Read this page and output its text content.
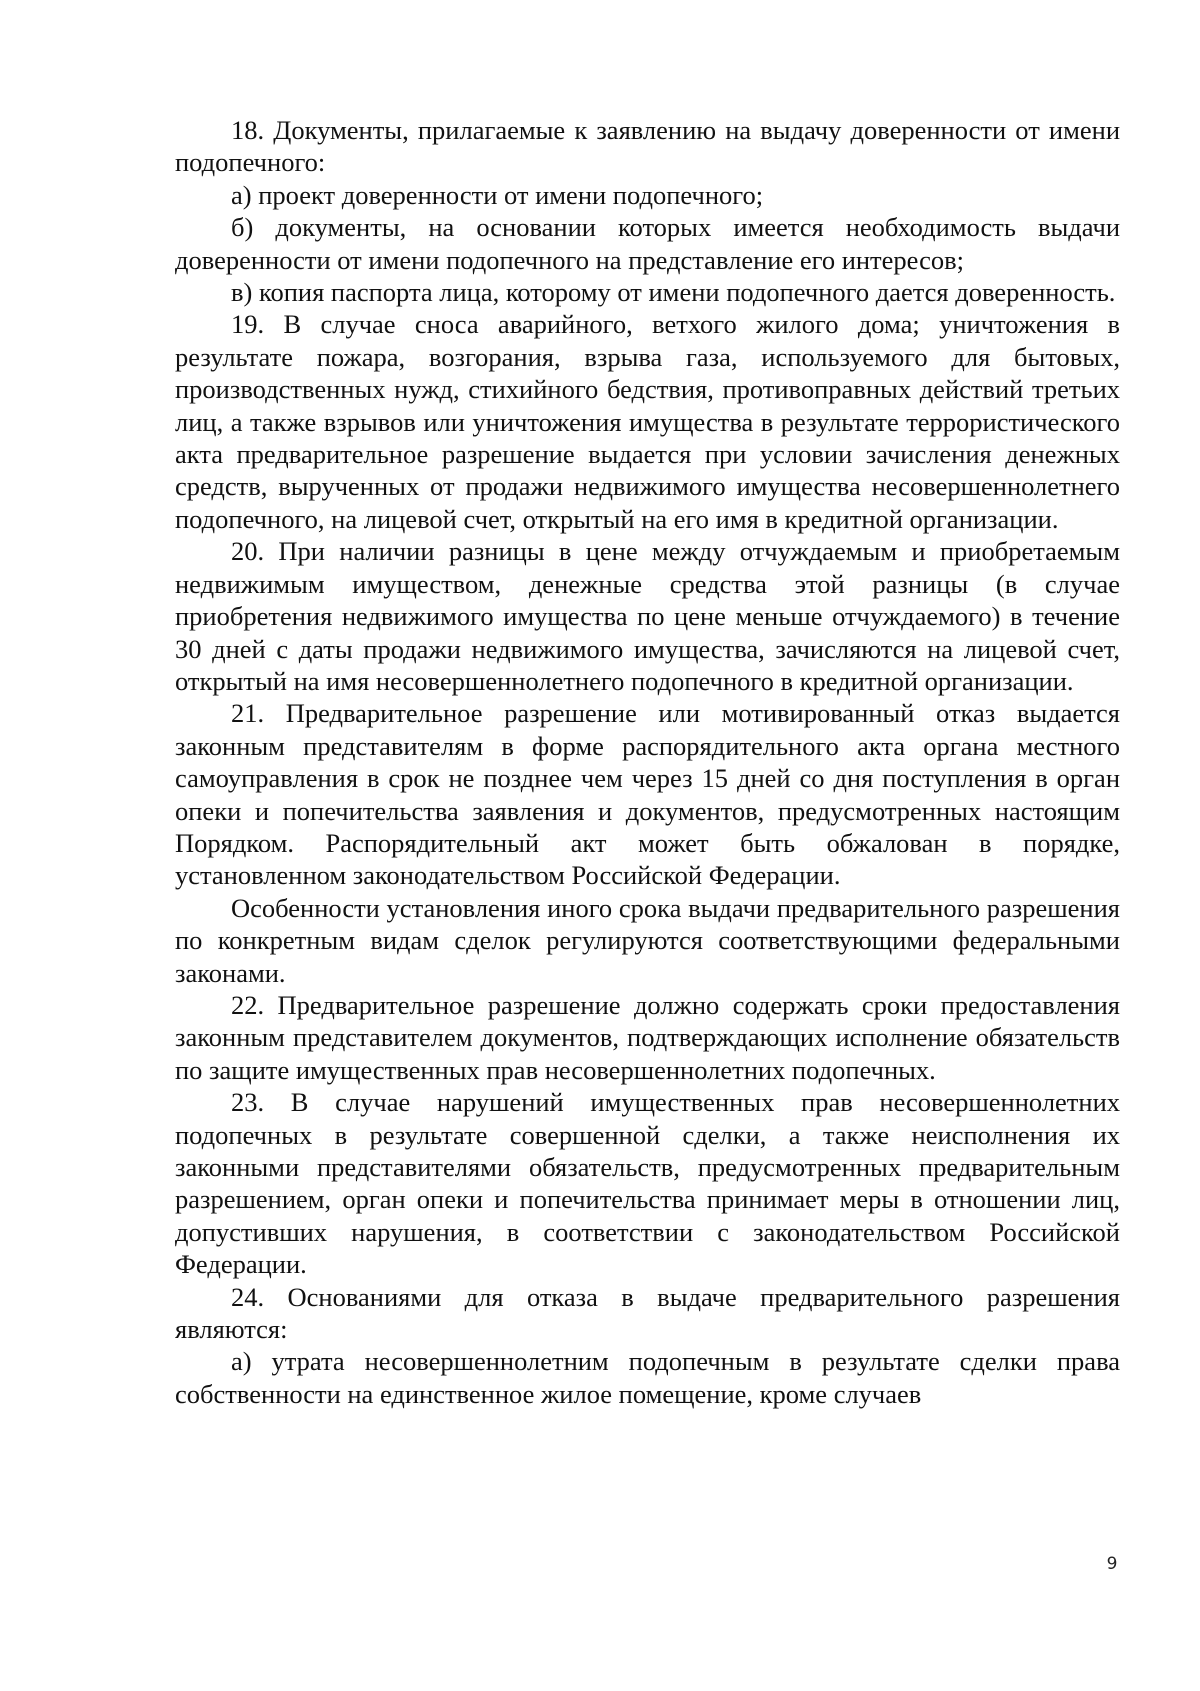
18. Документы, прилагаемые к заявлению на выдачу доверенности от имени подопечного:

а) проект доверенности от имени подопечного;

б) документы, на основании которых имеется необходимость выдачи доверенности от имени подопечного на представление его интересов;

в) копия паспорта лица, которому от имени подопечного дается доверенность.

19. В случае сноса аварийного, ветхого жилого дома; уничтожения в результате пожара, возгорания, взрыва газа, используемого для бытовых, производственных нужд, стихийного бедствия, противоправных действий третьих лиц, а также взрывов или уничтожения имущества в результате террористического акта предварительное разрешение выдается при условии зачисления денежных средств, вырученных от продажи недвижимого имущества несовершеннолетнего подопечного, на лицевой счет, открытый на его имя в кредитной организации.

20. При наличии разницы в цене между отчуждаемым и приобретаемым недвижимым имуществом, денежные средства этой разницы (в случае приобретения недвижимого имущества по цене меньше отчуждаемого) в течение 30 дней с даты продажи недвижимого имущества, зачисляются на лицевой счет, открытый на имя несовершеннолетнего подопечного в кредитной организации.

21. Предварительное разрешение или мотивированный отказ выдается законным представителям в форме распорядительного акта органа местного самоуправления в срок не позднее чем через 15 дней со дня поступления в орган опеки и попечительства заявления и документов, предусмотренных настоящим Порядком. Распорядительный акт может быть обжалован в порядке, установленном законодательством Российской Федерации.

Особенности установления иного срока выдачи предварительного разрешения по конкретным видам сделок регулируются соответствующими федеральными законами.

22. Предварительное разрешение должно содержать сроки предоставления законным представителем документов, подтверждающих исполнение обязательств по защите имущественных прав несовершеннолетних подопечных.

23. В случае нарушений имущественных прав несовершеннолетних подопечных в результате совершенной сделки, а также неисполнения их законными представителями обязательств, предусмотренных предварительным разрешением, орган опеки и попечительства принимает меры в отношении лиц, допустивших нарушения, в соответствии с законодательством Российской Федерации.

24. Основаниями для отказа в выдаче предварительного разрешения являются:

а) утрата несовершеннолетним подопечным в результате сделки права собственности на единственное жилое помещение, кроме случаев

9
